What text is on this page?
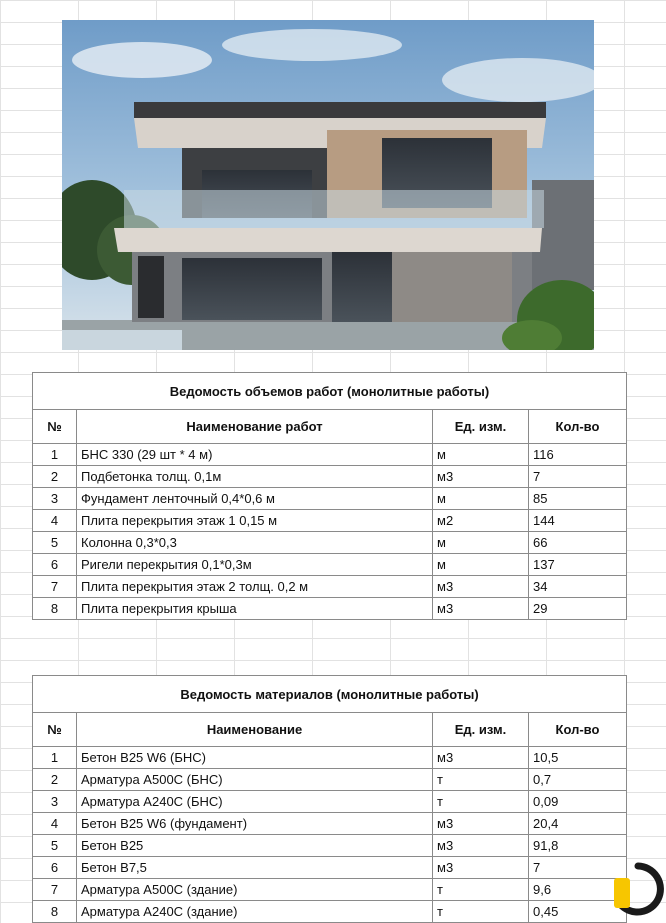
Ведомость объемов работ (монолитные работы)			
№	Наименование работ	Ед. изм.	Кол-во
1	БНС 330 (29 шт * 4 м)	м	116
2	Подбетонка толщ. 0,1м	м3	7
3	Фундамент ленточный 0,4*0,6 м	м	85
4	Плита перекрытия этаж 1 0,15 м	м2	144
5	Колонна 0,3*0,3	м	66
6	Ригели перекрытия 0,1*0,3м	м	137
7	Плита перекрытия этаж 2 толщ. 0,2 м	м3	34
8	Плита перекрытия крыша	м3	29
Ведомость материалов (монолитные работы)			
№	Наименование	Ед. изм.	Кол-во
1	Бетон В25 W6 (БНС)	м3	10,5
2	Арматура А500С (БНС)	т	0,7
3	Арматура А240С (БНС)	т	0,09
4	Бетон В25 W6 (фундамент)	м3	20,4
5	Бетон В25	м3	91,8
6	Бетон В7,5	м3	7
7	Арматура А500С (здание)	т	9,6
8	Арматура А240С (здание)	т	0,45
